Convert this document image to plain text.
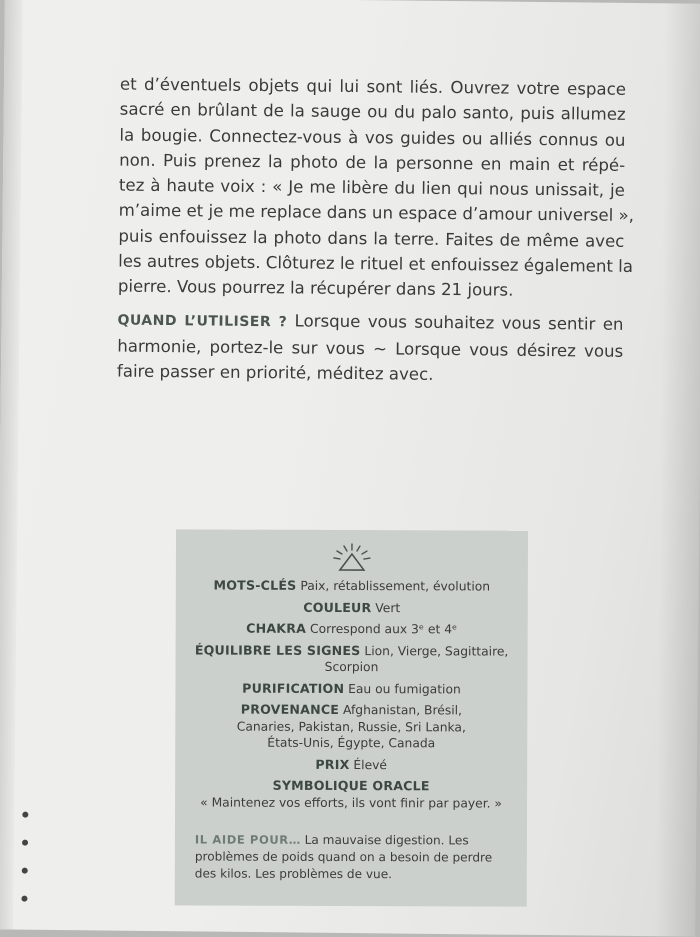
et d’éventuels objets qui lui sont liés. Ouvrez votre espace
sacré en brûlant de la sauge ou du palo santo, puis allumez
la bougie. Connectez-vous à vos guides ou alliés connus ou
non. Puis prenez la photo de la personne en main et répé-
tez à haute voix : « Je me libère du lien qui nous unissait, je
m’aime et je me replace dans un espace d’amour universel »,
puis enfouissez la photo dans la terre. Faites de même avec
les autres objets. Clôturez le rituel et enfouissez également la
pierre. Vous pourrez la récupérer dans 21 jours.
QUAND L’UTILISER ? Lorsque vous souhaitez vous sentir en
harmonie, portez-le sur vous ~ Lorsque vous désirez vous
faire passer en priorité, méditez avec.
MOTS-CLÉS Paix, rétablissement, évolution
COULEUR Vert
CHAKRA Correspond aux 3ᵉ et 4ᵉ
ÉQUILIBRE LES SIGNES Lion, Vierge, Sagittaire,
Scorpion
PURIFICATION Eau ou fumigation
PROVENANCE Afghanistan, Brésil,
Canaries, Pakistan, Russie, Sri Lanka,
États-Unis, Égypte, Canada
PRIX Élevé
SYMBOLIQUE ORACLE
« Maintenez vos efforts, ils vont finir par payer. »
IL AIDE POUR… La mauvaise digestion. Les
problèmes de poids quand on a besoin de perdre
des kilos. Les problèmes de vue.
